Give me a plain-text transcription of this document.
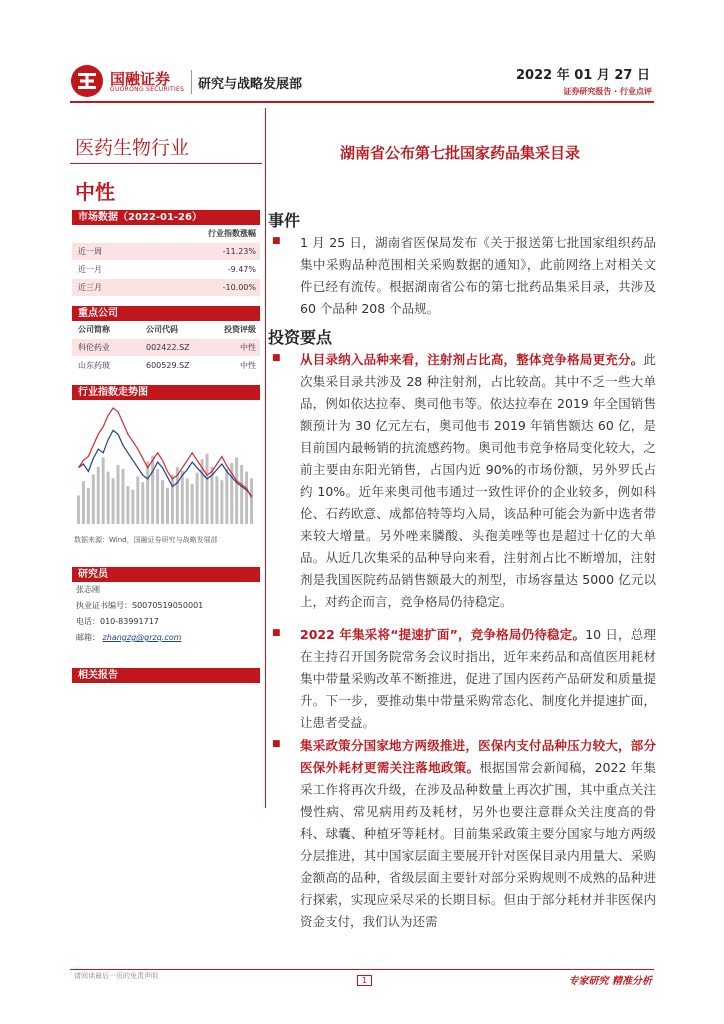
国融证券
GUORONG SECURITIES 研究与战略发展部
2022 年 01 月 27 日
证券研究报告 · 行业点评
医药生物行业
中性
市场数据（2022-01-26）
行业指数涨幅
近一周	-11.23%
近一月	-9.47%
近三月	-10.00%
重点公司
公司简称	公司代码	投资评级
科伦药业	002422.SZ	中性
山东药玻	600529.SZ	中性
行业指数走势图
数据来源：Wind，国融证券研究与战略发展部
研究员
张志刚
执业证书编号：S0070519050001
电话：010-83991717
邮箱： zhangzg@grzq.com
相关报告
湖南省公布第七批国家药品集采目录
事件
■	1 月 25 日，湖南省医保局发布《关于报送第七批国家组织药品集中采购品种范围相关采购数据的通知》，此前网络上对相关文件已经有流传。根据湖南省公布的第七批药品集采目录，共涉及 60 个品种 208 个品规。
投资要点
■	从目录纳入品种来看，注射剂占比高，整体竞争格局更充分。此次集采目录共涉及 28 种注射剂，占比较高。其中不乏一些大单品，例如依达拉奉、奥司他韦等。依达拉奉在 2019 年全国销售额预计为 30 亿元左右，奥司他韦 2019 年销售额达 60 亿，是目前国内最畅销的抗流感药物。奥司他韦竞争格局变化较大，之前主要由东阳光销售，占国内近 90%的市场份额，另外罗氏占约 10%。近年来奥司他韦通过一致性评价的企业较多，例如科伦、石药欧意、成都倍特等均入局，该品种可能会为新中选者带来较大增量。另外唑来膦酸、头孢美唑等也是超过十亿的大单品。从近几次集采的品种导向来看，注射剂占比不断增加，注射剂是我国医院药品销售额最大的剂型，市场容量达 5000 亿元以上，对药企而言，竞争格局仍待稳定。
■	2022 年集采将“提速扩面”，竞争格局仍待稳定。10 日，总理在主持召开国务院常务会议时指出，近年来药品和高值医用耗材集中带量采购改革不断推进，促进了国内医药产品研发和质量提升。下一步，要推动集中带量采购常态化、制度化并提速扩面，让患者受益。
■	集采政策分国家地方两级推进，医保内支付品种压力较大，部分医保外耗材更需关注落地政策。根据国常会新闻稿，2022 年集采工作将再次升级，在涉及品种数量上再次扩围，其中重点关注慢性病、常见病用药及耗材，另外也要注意群众关注度高的骨科、球囊、种植牙等耗材。目前集采政策主要分国家与地方两级分层推进，其中国家层面主要展开针对医保目录内用量大、采购金额高的品种，省级层面主要针对部分采购规则不成熟的品种进行探索，实现应采尽采的长期目标。但由于部分耗材并非医保内资金支付，我们认为还需
请阅读最后一页的免责声明	1	专家研究 精准分析
